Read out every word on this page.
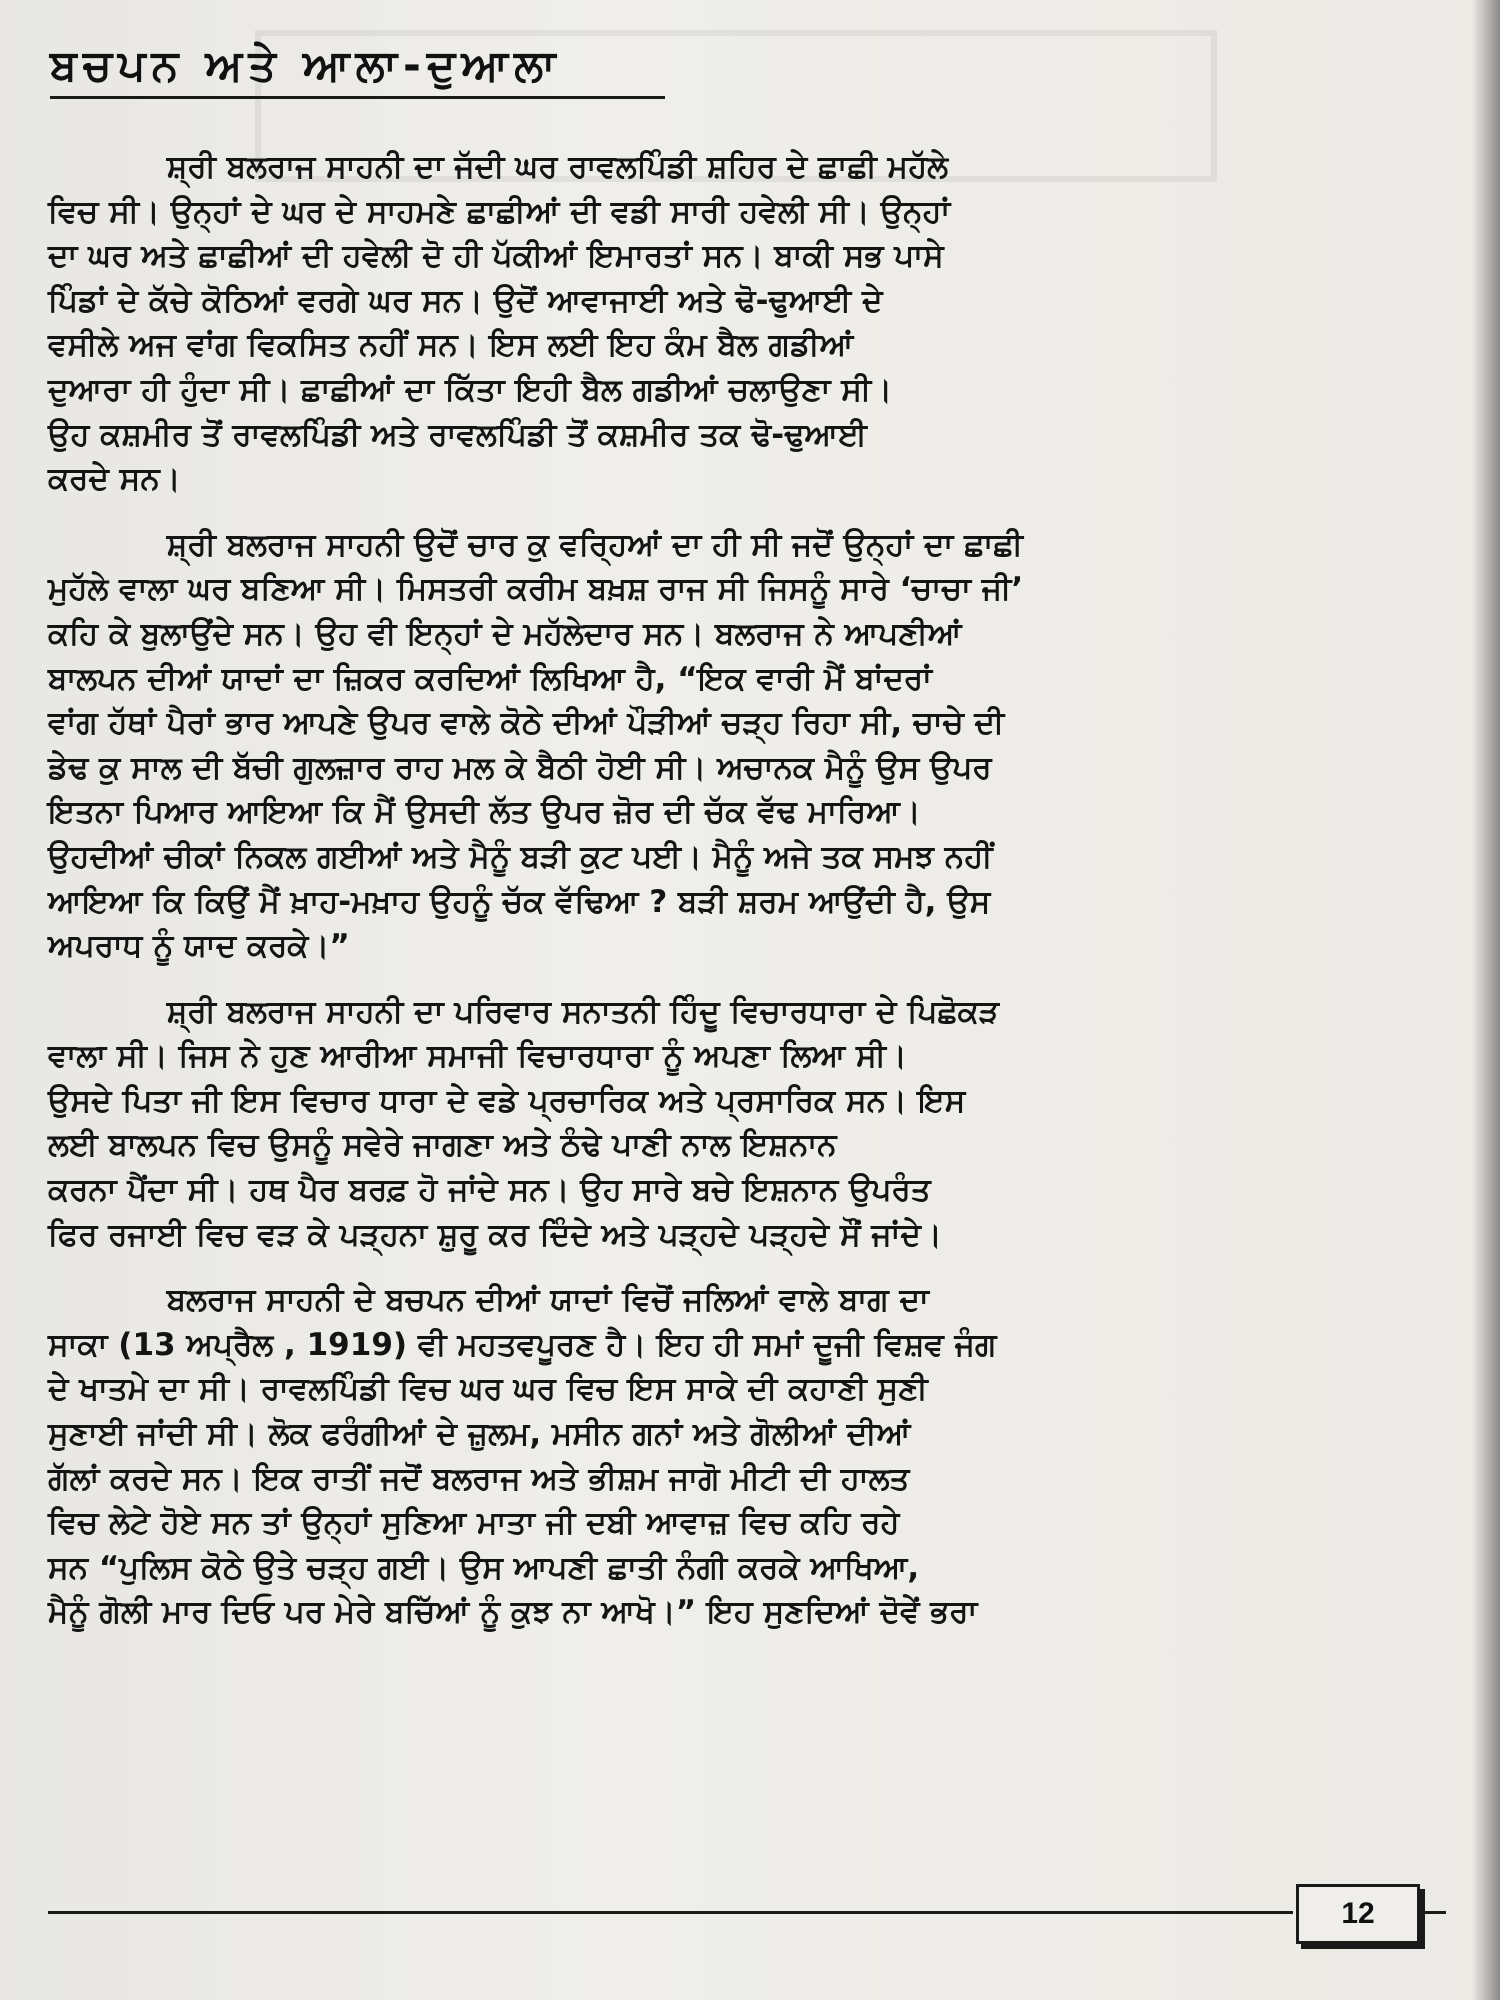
ਬਚਪਨ ਅਤੇ ਆਲਾ-ਦੁਆਲਾ
ਸ਼੍ਰੀ ਬਲਰਾਜ ਸਾਹਨੀ ਦਾ ਜੱਦੀ ਘਰ ਰਾਵਲਪਿੰਡੀ ਸ਼ਹਿਰ ਦੇ ਛਾਛੀ ਮਹੱਲੇ
ਵਿਚ ਸੀ। ਉਨ੍ਹਾਂ ਦੇ ਘਰ ਦੇ ਸਾਹਮਣੇ ਛਾਛੀਆਂ ਦੀ ਵਡੀ ਸਾਰੀ ਹਵੇਲੀ ਸੀ। ਉਨ੍ਹਾਂ
ਦਾ ਘਰ ਅਤੇ ਛਾਛੀਆਂ ਦੀ ਹਵੇਲੀ ਦੋ ਹੀ ਪੱਕੀਆਂ ਇਮਾਰਤਾਂ ਸਨ। ਬਾਕੀ ਸਭ ਪਾਸੇ
ਪਿੰਡਾਂ ਦੇ ਕੱਚੇ ਕੋਠਿਆਂ ਵਰਗੇ ਘਰ ਸਨ। ਉਦੋਂ ਆਵਾਜਾਈ ਅਤੇ ਢੋ-ਢੁਆਈ ਦੇ
ਵਸੀਲੇ ਅਜ ਵਾਂਗ ਵਿਕਸਿਤ ਨਹੀਂ ਸਨ। ਇਸ ਲਈ ਇਹ ਕੰਮ ਬੈਲ ਗਡੀਆਂ
ਦੁਆਰਾ ਹੀ ਹੁੰਦਾ ਸੀ। ਛਾਛੀਆਂ ਦਾ ਕਿੱਤਾ ਇਹੀ ਬੈਲ ਗਡੀਆਂ ਚਲਾਉਣਾ ਸੀ।
ਉਹ ਕਸ਼ਮੀਰ ਤੋਂ ਰਾਵਲਪਿੰਡੀ ਅਤੇ ਰਾਵਲਪਿੰਡੀ ਤੋਂ ਕਸ਼ਮੀਰ ਤਕ ਢੋ-ਢੁਆਈ
ਕਰਦੇ ਸਨ।
ਸ਼੍ਰੀ ਬਲਰਾਜ ਸਾਹਨੀ ਉਦੋਂ ਚਾਰ ਕੁ ਵਰ੍ਹਿਆਂ ਦਾ ਹੀ ਸੀ ਜਦੋਂ ਉਨ੍ਹਾਂ ਦਾ ਛਾਛੀ
ਮੁਹੱਲੇ ਵਾਲਾ ਘਰ ਬਣਿਆ ਸੀ। ਮਿਸਤਰੀ ਕਰੀਮ ਬਖ਼ਸ਼ ਰਾਜ ਸੀ ਜਿਸਨੂੰ ਸਾਰੇ ‘ਚਾਚਾ ਜੀ’
ਕਹਿ ਕੇ ਬੁਲਾਉਂਦੇ ਸਨ। ਉਹ ਵੀ ਇਨ੍ਹਾਂ ਦੇ ਮਹੱਲੇਦਾਰ ਸਨ। ਬਲਰਾਜ ਨੇ ਆਪਣੀਆਂ
ਬਾਲਪਨ ਦੀਆਂ ਯਾਦਾਂ ਦਾ ਜ਼ਿਕਰ ਕਰਦਿਆਂ ਲਿਖਿਆ ਹੈ, “ਇਕ ਵਾਰੀ ਮੈਂ ਬਾਂਦਰਾਂ
ਵਾਂਗ ਹੱਥਾਂ ਪੈਰਾਂ ਭਾਰ ਆਪਣੇ ਉਪਰ ਵਾਲੇ ਕੋਠੇ ਦੀਆਂ ਪੌੜੀਆਂ ਚੜ੍ਹ ਰਿਹਾ ਸੀ, ਚਾਚੇ ਦੀ
ਡੇਢ ਕੁ ਸਾਲ ਦੀ ਬੱਚੀ ਗੁਲਜ਼ਾਰ ਰਾਹ ਮਲ ਕੇ ਬੈਠੀ ਹੋਈ ਸੀ। ਅਚਾਨਕ ਮੈਨੂੰ ਉਸ ਉਪਰ
ਇਤਨਾ ਪਿਆਰ ਆਇਆ ਕਿ ਮੈਂ ਉਸਦੀ ਲੱਤ ਉਪਰ ਜ਼ੋਰ ਦੀ ਚੱਕ ਵੱਢ ਮਾਰਿਆ।
ਉਹਦੀਆਂ ਚੀਕਾਂ ਨਿਕਲ ਗਈਆਂ ਅਤੇ ਮੈਨੂੰ ਬੜੀ ਕੁਟ ਪਈ। ਮੈਨੂੰ ਅਜੇ ਤਕ ਸਮਝ ਨਹੀਂ
ਆਇਆ ਕਿ ਕਿਉਂ ਮੈਂ ਖ਼ਾਹ-ਮਖ਼ਾਹ ਉਹਨੂੰ ਚੱਕ ਵੱਢਿਆ ? ਬੜੀ ਸ਼ਰਮ ਆਉਂਦੀ ਹੈ, ਉਸ
ਅਪਰਾਧ ਨੂੰ ਯਾਦ ਕਰਕੇ।”
ਸ਼੍ਰੀ ਬਲਰਾਜ ਸਾਹਨੀ ਦਾ ਪਰਿਵਾਰ ਸਨਾਤਨੀ ਹਿੰਦੂ ਵਿਚਾਰਧਾਰਾ ਦੇ ਪਿਛੋਕੜ
ਵਾਲਾ ਸੀ। ਜਿਸ ਨੇ ਹੁਣ ਆਰੀਆ ਸਮਾਜੀ ਵਿਚਾਰਧਾਰਾ ਨੂੰ ਅਪਣਾ ਲਿਆ ਸੀ।
ਉਸਦੇ ਪਿਤਾ ਜੀ ਇਸ ਵਿਚਾਰ ਧਾਰਾ ਦੇ ਵਡੇ ਪ੍ਰਚਾਰਿਕ ਅਤੇ ਪ੍ਰਸਾਰਿਕ ਸਨ। ਇਸ
ਲਈ ਬਾਲਪਨ ਵਿਚ ਉਸਨੂੰ ਸਵੇਰੇ ਜਾਗਣਾ ਅਤੇ ਠੰਢੇ ਪਾਣੀ ਨਾਲ ਇਸ਼ਨਾਨ
ਕਰਨਾ ਪੈਂਦਾ ਸੀ। ਹਥ ਪੈਰ ਬਰਫ਼ ਹੋ ਜਾਂਦੇ ਸਨ। ਉਹ ਸਾਰੇ ਬਚੇ ਇਸ਼ਨਾਨ ਉਪਰੰਤ
ਫਿਰ ਰਜਾਈ ਵਿਚ ਵੜ ਕੇ ਪੜ੍ਹਨਾ ਸ਼ੁਰੂ ਕਰ ਦਿੰਦੇ ਅਤੇ ਪੜ੍ਹਦੇ ਪੜ੍ਹਦੇ ਸੌਂ ਜਾਂਦੇ।
ਬਲਰਾਜ ਸਾਹਨੀ ਦੇ ਬਚਪਨ ਦੀਆਂ ਯਾਦਾਂ ਵਿਚੋਂ ਜਲਿਆਂ ਵਾਲੇ ਬਾਗ ਦਾ
ਸਾਕਾ (13 ਅਪ੍ਰੈਲ , 1919) ਵੀ ਮਹਤਵਪੂਰਣ ਹੈ। ਇਹ ਹੀ ਸਮਾਂ ਦੂਜੀ ਵਿਸ਼ਵ ਜੰਗ
ਦੇ ਖਾਤਮੇ ਦਾ ਸੀ। ਰਾਵਲਪਿੰਡੀ ਵਿਚ ਘਰ ਘਰ ਵਿਚ ਇਸ ਸਾਕੇ ਦੀ ਕਹਾਣੀ ਸੁਣੀ
ਸੁਣਾਈ ਜਾਂਦੀ ਸੀ। ਲੋਕ ਫਰੰਗੀਆਂ ਦੇ ਜ਼ੁਲਮ, ਮਸੀਨ ਗਨਾਂ ਅਤੇ ਗੋਲੀਆਂ ਦੀਆਂ
ਗੱਲਾਂ ਕਰਦੇ ਸਨ। ਇਕ ਰਾਤੀਂ ਜਦੋਂ ਬਲਰਾਜ ਅਤੇ ਭੀਸ਼ਮ ਜਾਗੋ ਮੀਟੀ ਦੀ ਹਾਲਤ
ਵਿਚ ਲੇਟੇ ਹੋਏ ਸਨ ਤਾਂ ਉਨ੍ਹਾਂ ਸੁਣਿਆ ਮਾਤਾ ਜੀ ਦਬੀ ਆਵਾਜ਼ ਵਿਚ ਕਹਿ ਰਹੇ
ਸਨ “ਪੁਲਿਸ ਕੋਠੇ ਉਤੇ ਚੜ੍ਹ ਗਈ। ਉਸ ਆਪਣੀ ਛਾਤੀ ਨੰਗੀ ਕਰਕੇ ਆਖਿਆ,
ਮੈਨੂੰ ਗੋਲੀ ਮਾਰ ਦਿਓ ਪਰ ਮੇਰੇ ਬਚਿੱਆਂ ਨੂੰ ਕੁਝ ਨਾ ਆਖੋ।” ਇਹ ਸੁਣਦਿਆਂ ਦੋਵੇਂ ਭਰਾ
12
